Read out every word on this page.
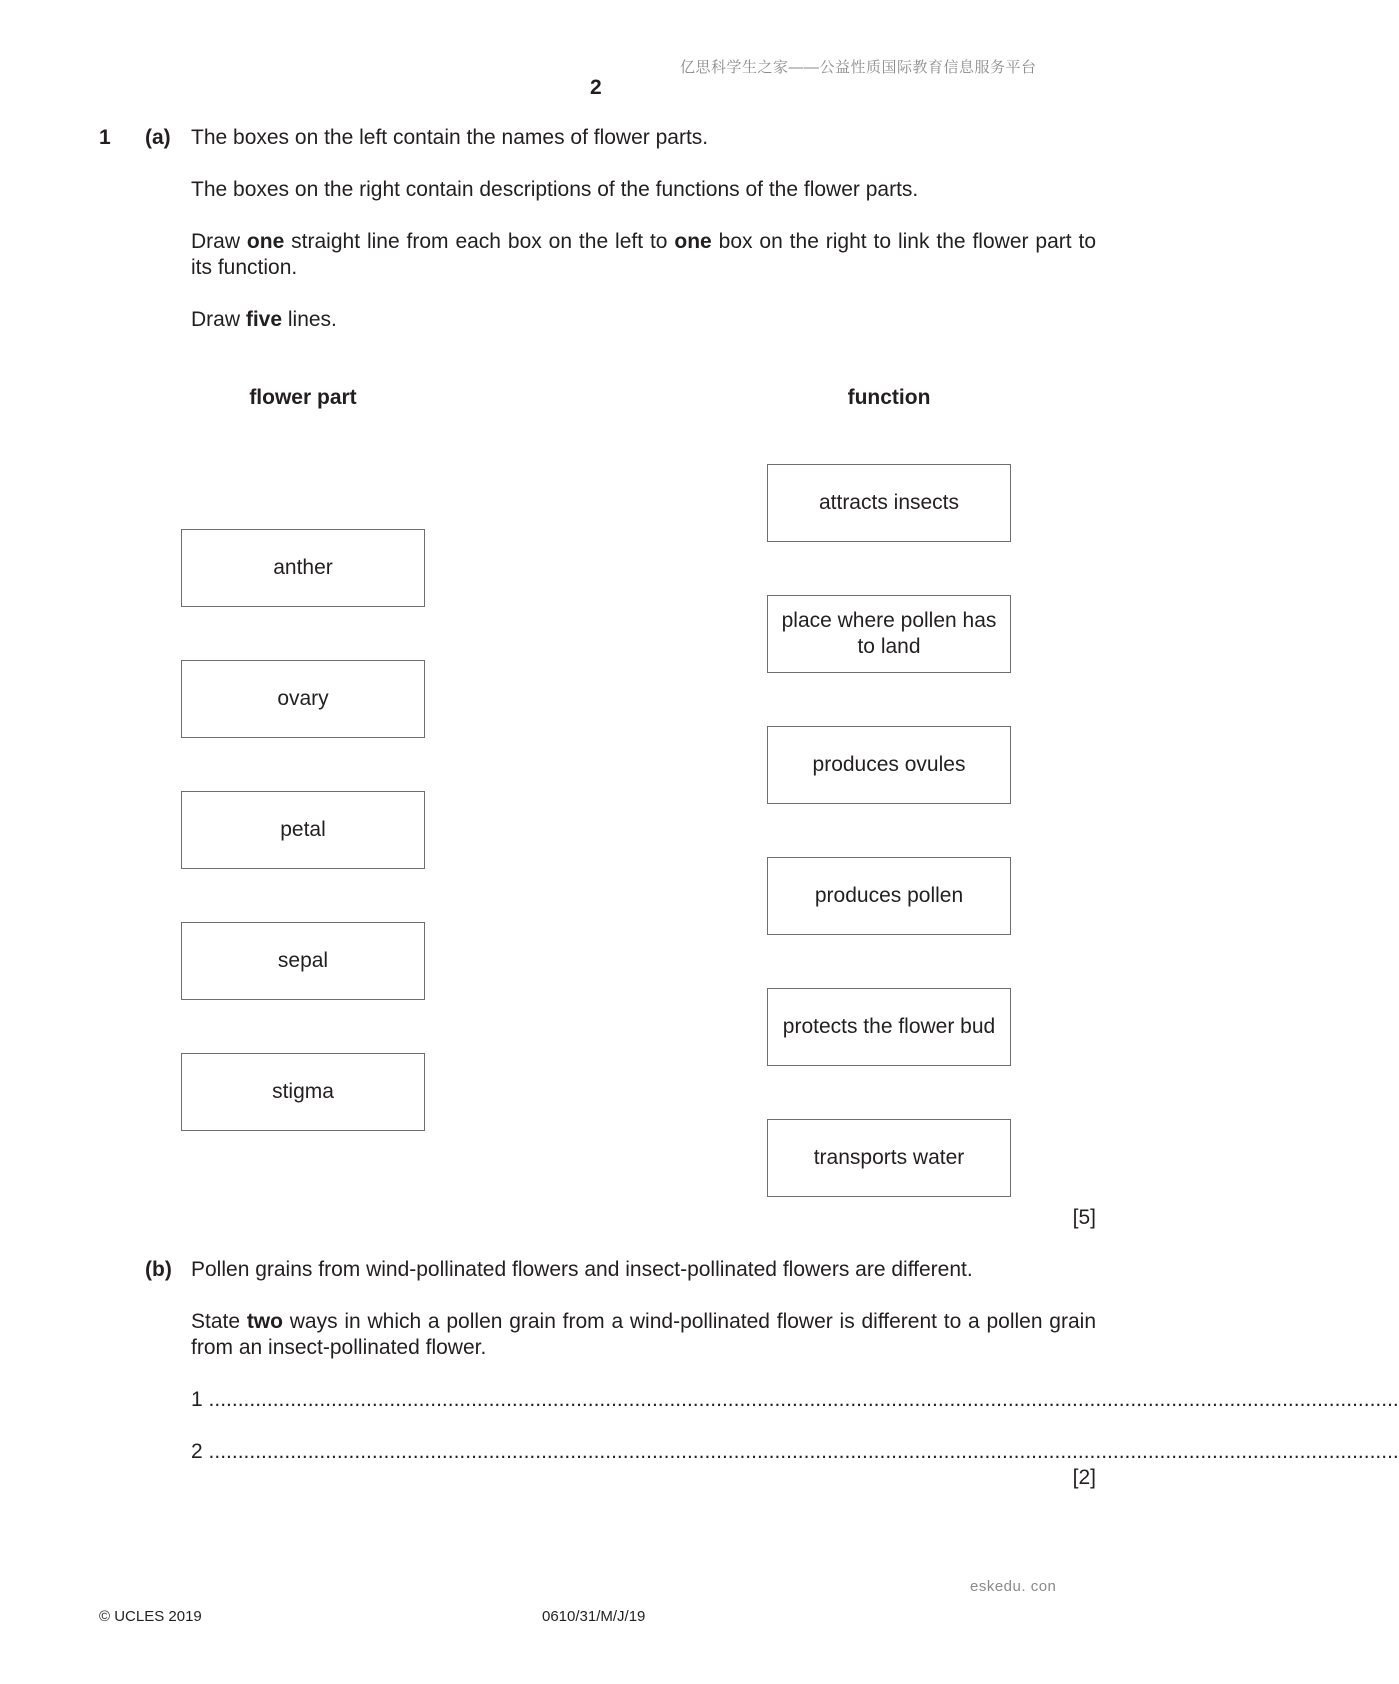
亿思科学生之家——公益性质国际教育信息服务平台
2
1 (a) The boxes on the left contain the names of flower parts.
The boxes on the right contain descriptions of the functions of the flower parts.
Draw one straight line from each box on the left to one box on the right to link the flower part to its function.
Draw five lines.
flower part	function
anther
ovary
petal
sepal
stigma
attracts insects
place where pollen has to land
produces ovules
produces pollen
protects the flower bud
transports water
[5]
(b) Pollen grains from wind-pollinated flowers and insect-pollinated flowers are different.
State two ways in which a pollen grain from a wind-pollinated flower is different to a pollen grain from an insect-pollinated flower.
1 ............................................................................................................................................................................................................
2 ............................................................................................................................................................................................................
[2]
eskedu. con
© UCLES 2019	0610/31/M/J/19
